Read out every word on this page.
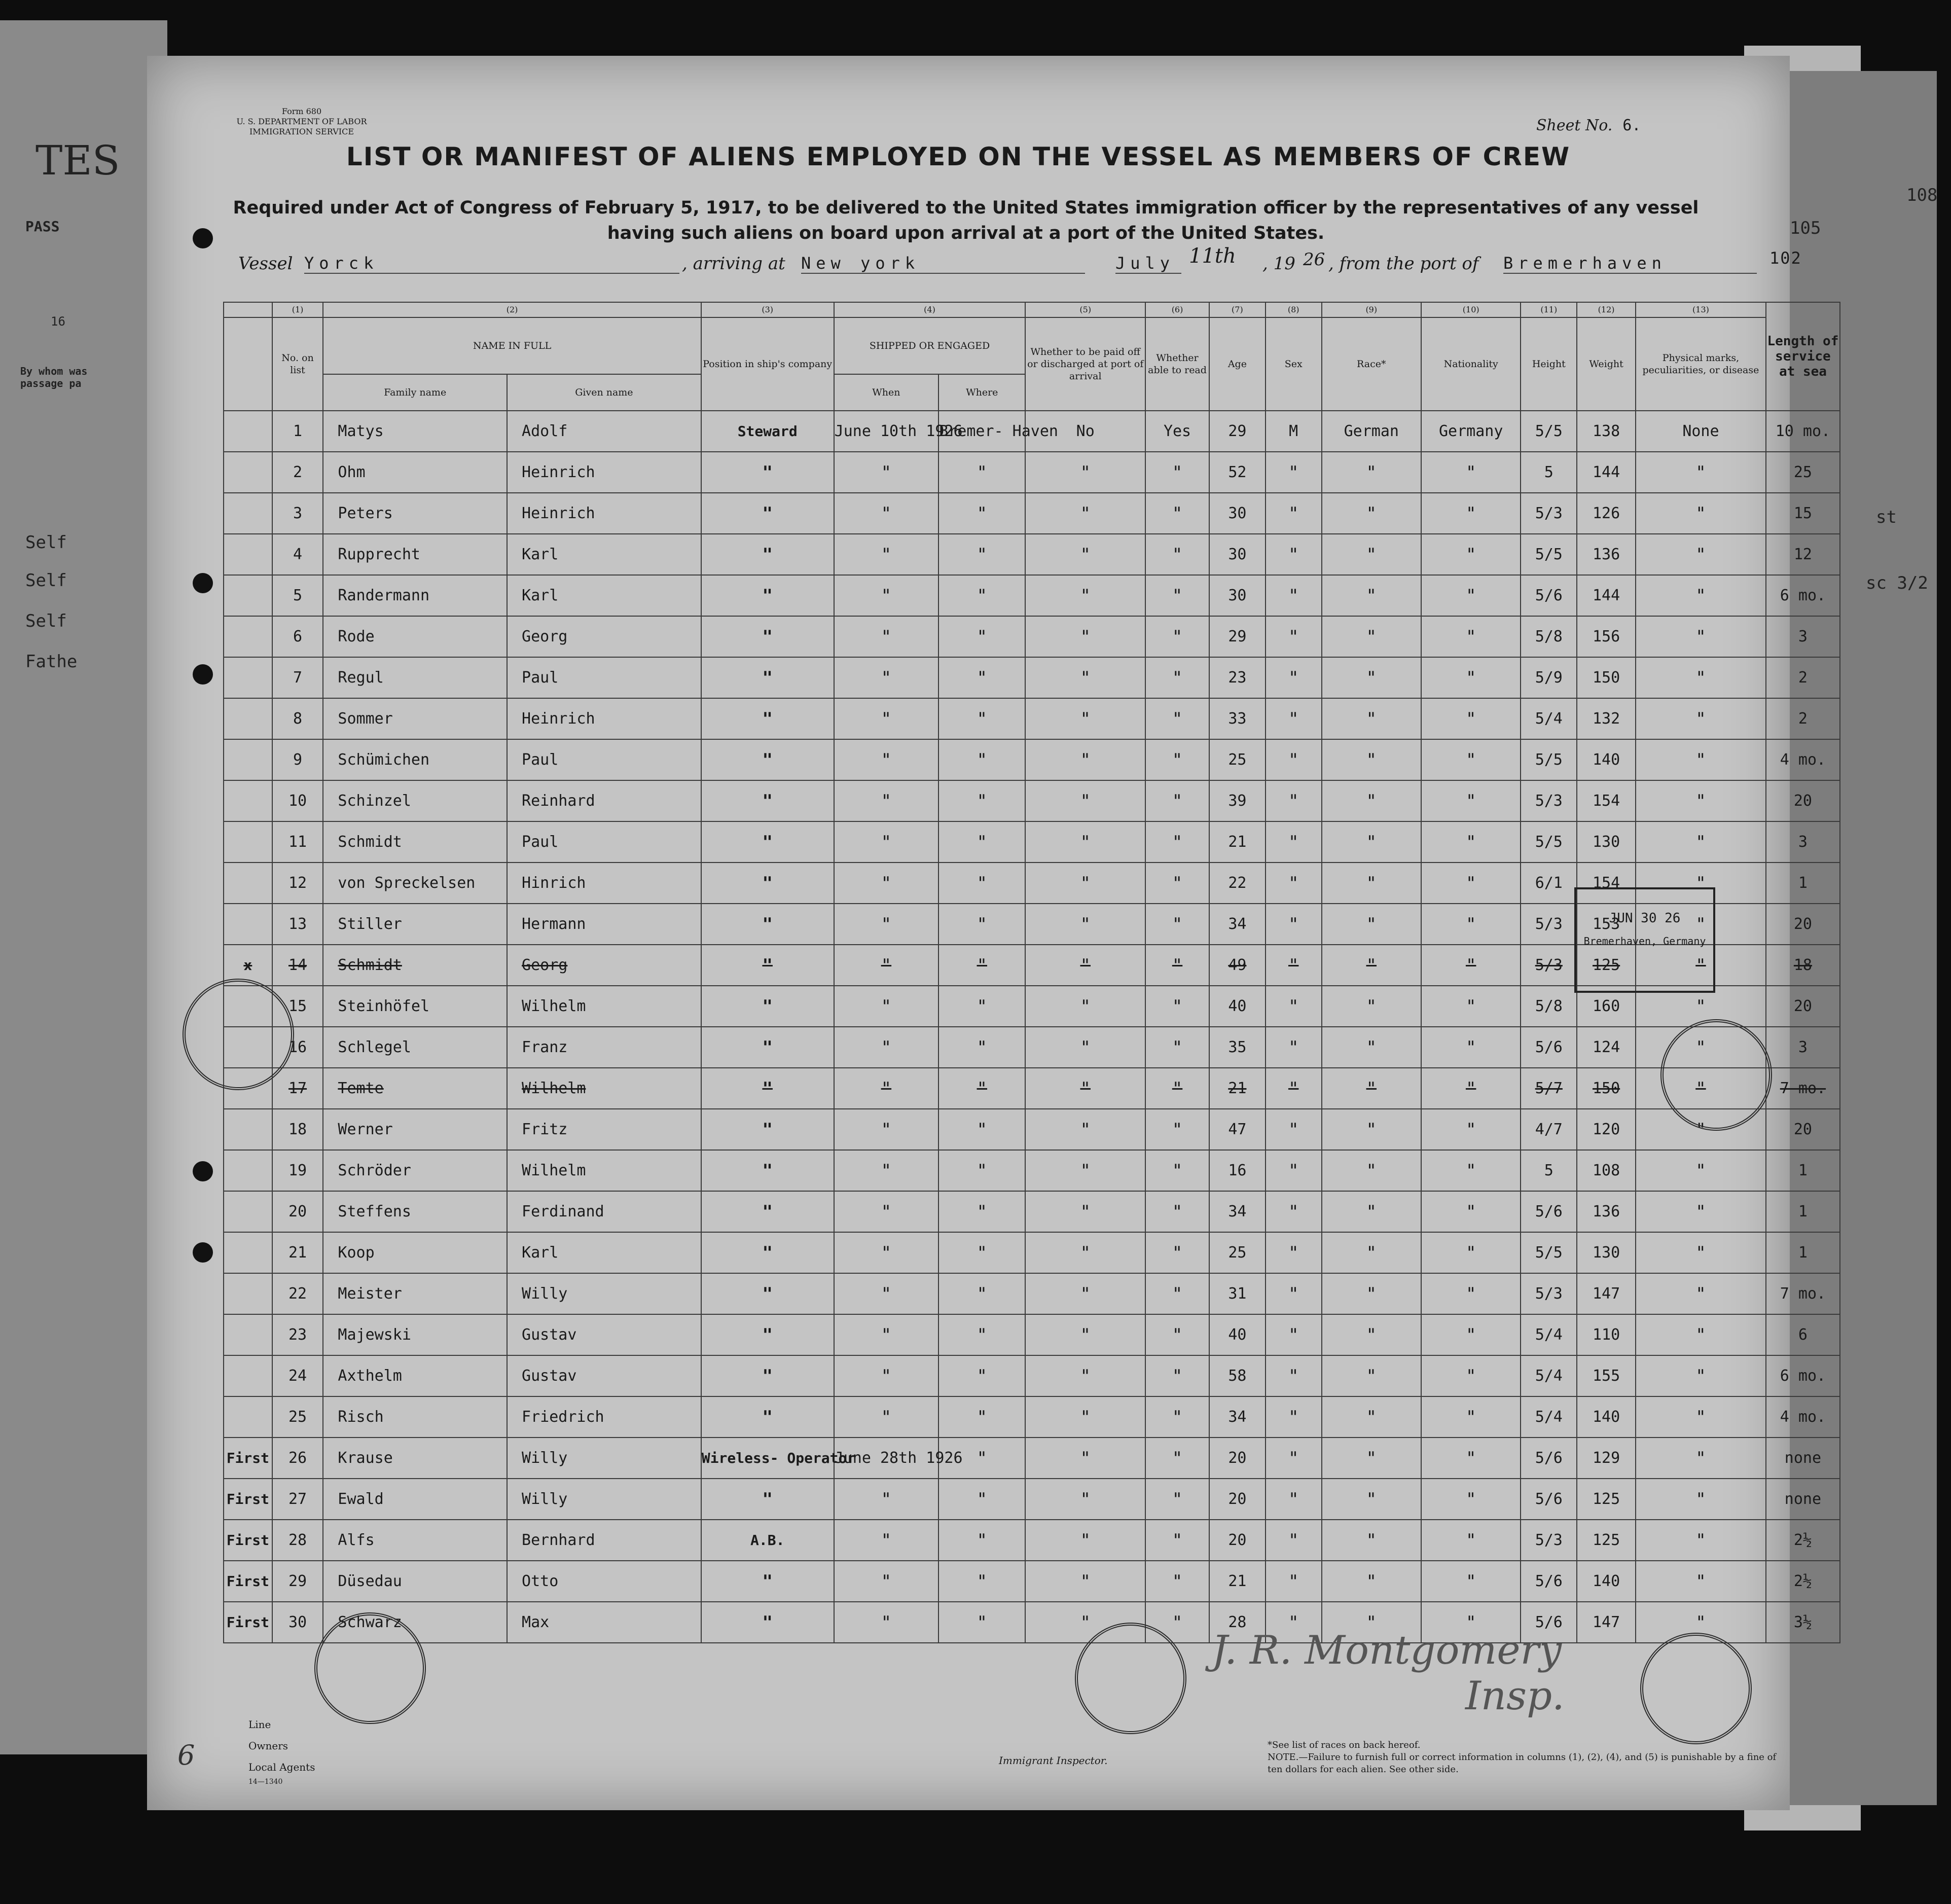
TES
PASS
16
By whom was passage pa
Self
Self
Self
Fathe
105
108
st
sc 3/2
Form 680
U. S. DEPARTMENT OF LABOR
IMMIGRATION SERVICE	Sheet No. 6.
LIST OR MANIFEST OF ALIENS EMPLOYED ON THE VESSEL AS MEMBERS OF CREW
Required under Act of Congress of February 5, 1917, to be delivered to the United States immigration officer by the representatives of any vessel having such aliens on board upon arrival at a port of the United States.
Vessel Yorck	, arriving at New york	July 11th , 19 26 , from the port of Bremerhaven	102
	(1)	(2)		(3)	(4)		(5)	(6)	(7)	(8)	(9)	(10)	(11)	(12)	(13)	Length of service at sea
	No. on list	NAME IN FULL		Position in ship's company	SHIPPED OR ENGAGED		Whether to be paid off or discharged at port of arrival	Whether able to read	Age	Sex	Race*	Nationality	Height	Weight	Physical marks, peculiarities, or disease	
		Family name	Given name		When	Where										
	1	Matys	Adolf	Steward	June 10th 1926	Bremer- Haven	No	Yes	29	M	German	Germany	5/5	138	None	10 mo.
	2	Ohm	Heinrich	"	"	"	"	"	52	"	"	"	5	144	"	25
	3	Peters	Heinrich	"	"	"	"	"	30	"	"	"	5/3	126	"	15
	4	Rupprecht	Karl	"	"	"	"	"	30	"	"	"	5/5	136	"	12
	5	Randermann	Karl	"	"	"	"	"	30	"	"	"	5/6	144	"	6 mo.
	6	Rode	Georg	"	"	"	"	"	29	"	"	"	5/8	156	"	3
	7	Regul	Paul	"	"	"	"	"	23	"	"	"	5/9	150	"	2
	8	Sommer	Heinrich	"	"	"	"	"	33	"	"	"	5/4	132	"	2
	9	Schümichen	Paul	"	"	"	"	"	25	"	"	"	5/5	140	"	4 mo.
	10	Schinzel	Reinhard	"	"	"	"	"	39	"	"	"	5/3	154	"	20
	11	Schmidt	Paul	"	"	"	"	"	21	"	"	"	5/5	130	"	3
	12	von Spreckelsen	Hinrich	"	"	"	"	"	22	"	"	"	6/1	154	"	1
	13	Stiller	Hermann	"	"	"	"	"	34	"	"	"	5/3	153	"	20
x	14	Schmidt	Georg	"	"	"	"	"	49	"	"	"	5/3	125	"	18
	15	Steinhöfel	Wilhelm	"	"	"	"	"	40	"	"	"	5/8	160	"	20
	16	Schlegel	Franz	"	"	"	"	"	35	"	"	"	5/6	124	"	3
	17	Temte	Wilhelm	"	"	"	"	"	21	"	"	"	5/7	150	"	7 mo.
	18	Werner	Fritz	"	"	"	"	"	47	"	"	"	4/7	120	"	20
	19	Schröder	Wilhelm	"	"	"	"	"	16	"	"	"	5	108	"	1
	20	Steffens	Ferdinand	"	"	"	"	"	34	"	"	"	5/6	136	"	1
	21	Koop	Karl	"	"	"	"	"	25	"	"	"	5/5	130	"	1
	22	Meister	Willy	"	"	"	"	"	31	"	"	"	5/3	147	"	7 mo.
	23	Majewski	Gustav	"	"	"	"	"	40	"	"	"	5/4	110	"	6
	24	Axthelm	Gustav	"	"	"	"	"	58	"	"	"	5/4	155	"	6 mo.
	25	Risch	Friedrich	"	"	"	"	"	34	"	"	"	5/4	140	"	4 mo.
First	26	Krause	Willy	Wireless- Operator	June 28th 1926	"	"	"	20	"	"	"	5/6	129	"	none
First	27	Ewald	Willy	"	"	"	"	"	20	"	"	"	5/6	125	"	none
First	28	Alfs	Bernhard	A.B.	"	"	"	"	20	"	"	"	5/3	125	"	2½
First	29	Düsedau	Otto	"	"	"	"	"	21	"	"	"	5/6	140	"	2½
First	30	Schwarz	Max	"	"	"	"	"	28	"	"	"	5/6	147	"	3½
JUN 30 26
Bremerhaven, Germany
J. R. Montgomery
Insp.
Line
Owners
Local Agents
14—1340
6	Immigrant Inspector.
*See list of races on back hereof.
NOTE.—Failure to furnish full or correct information in columns (1), (2), (4), and (5) is punishable by a fine of ten dollars for each alien. See other side.
